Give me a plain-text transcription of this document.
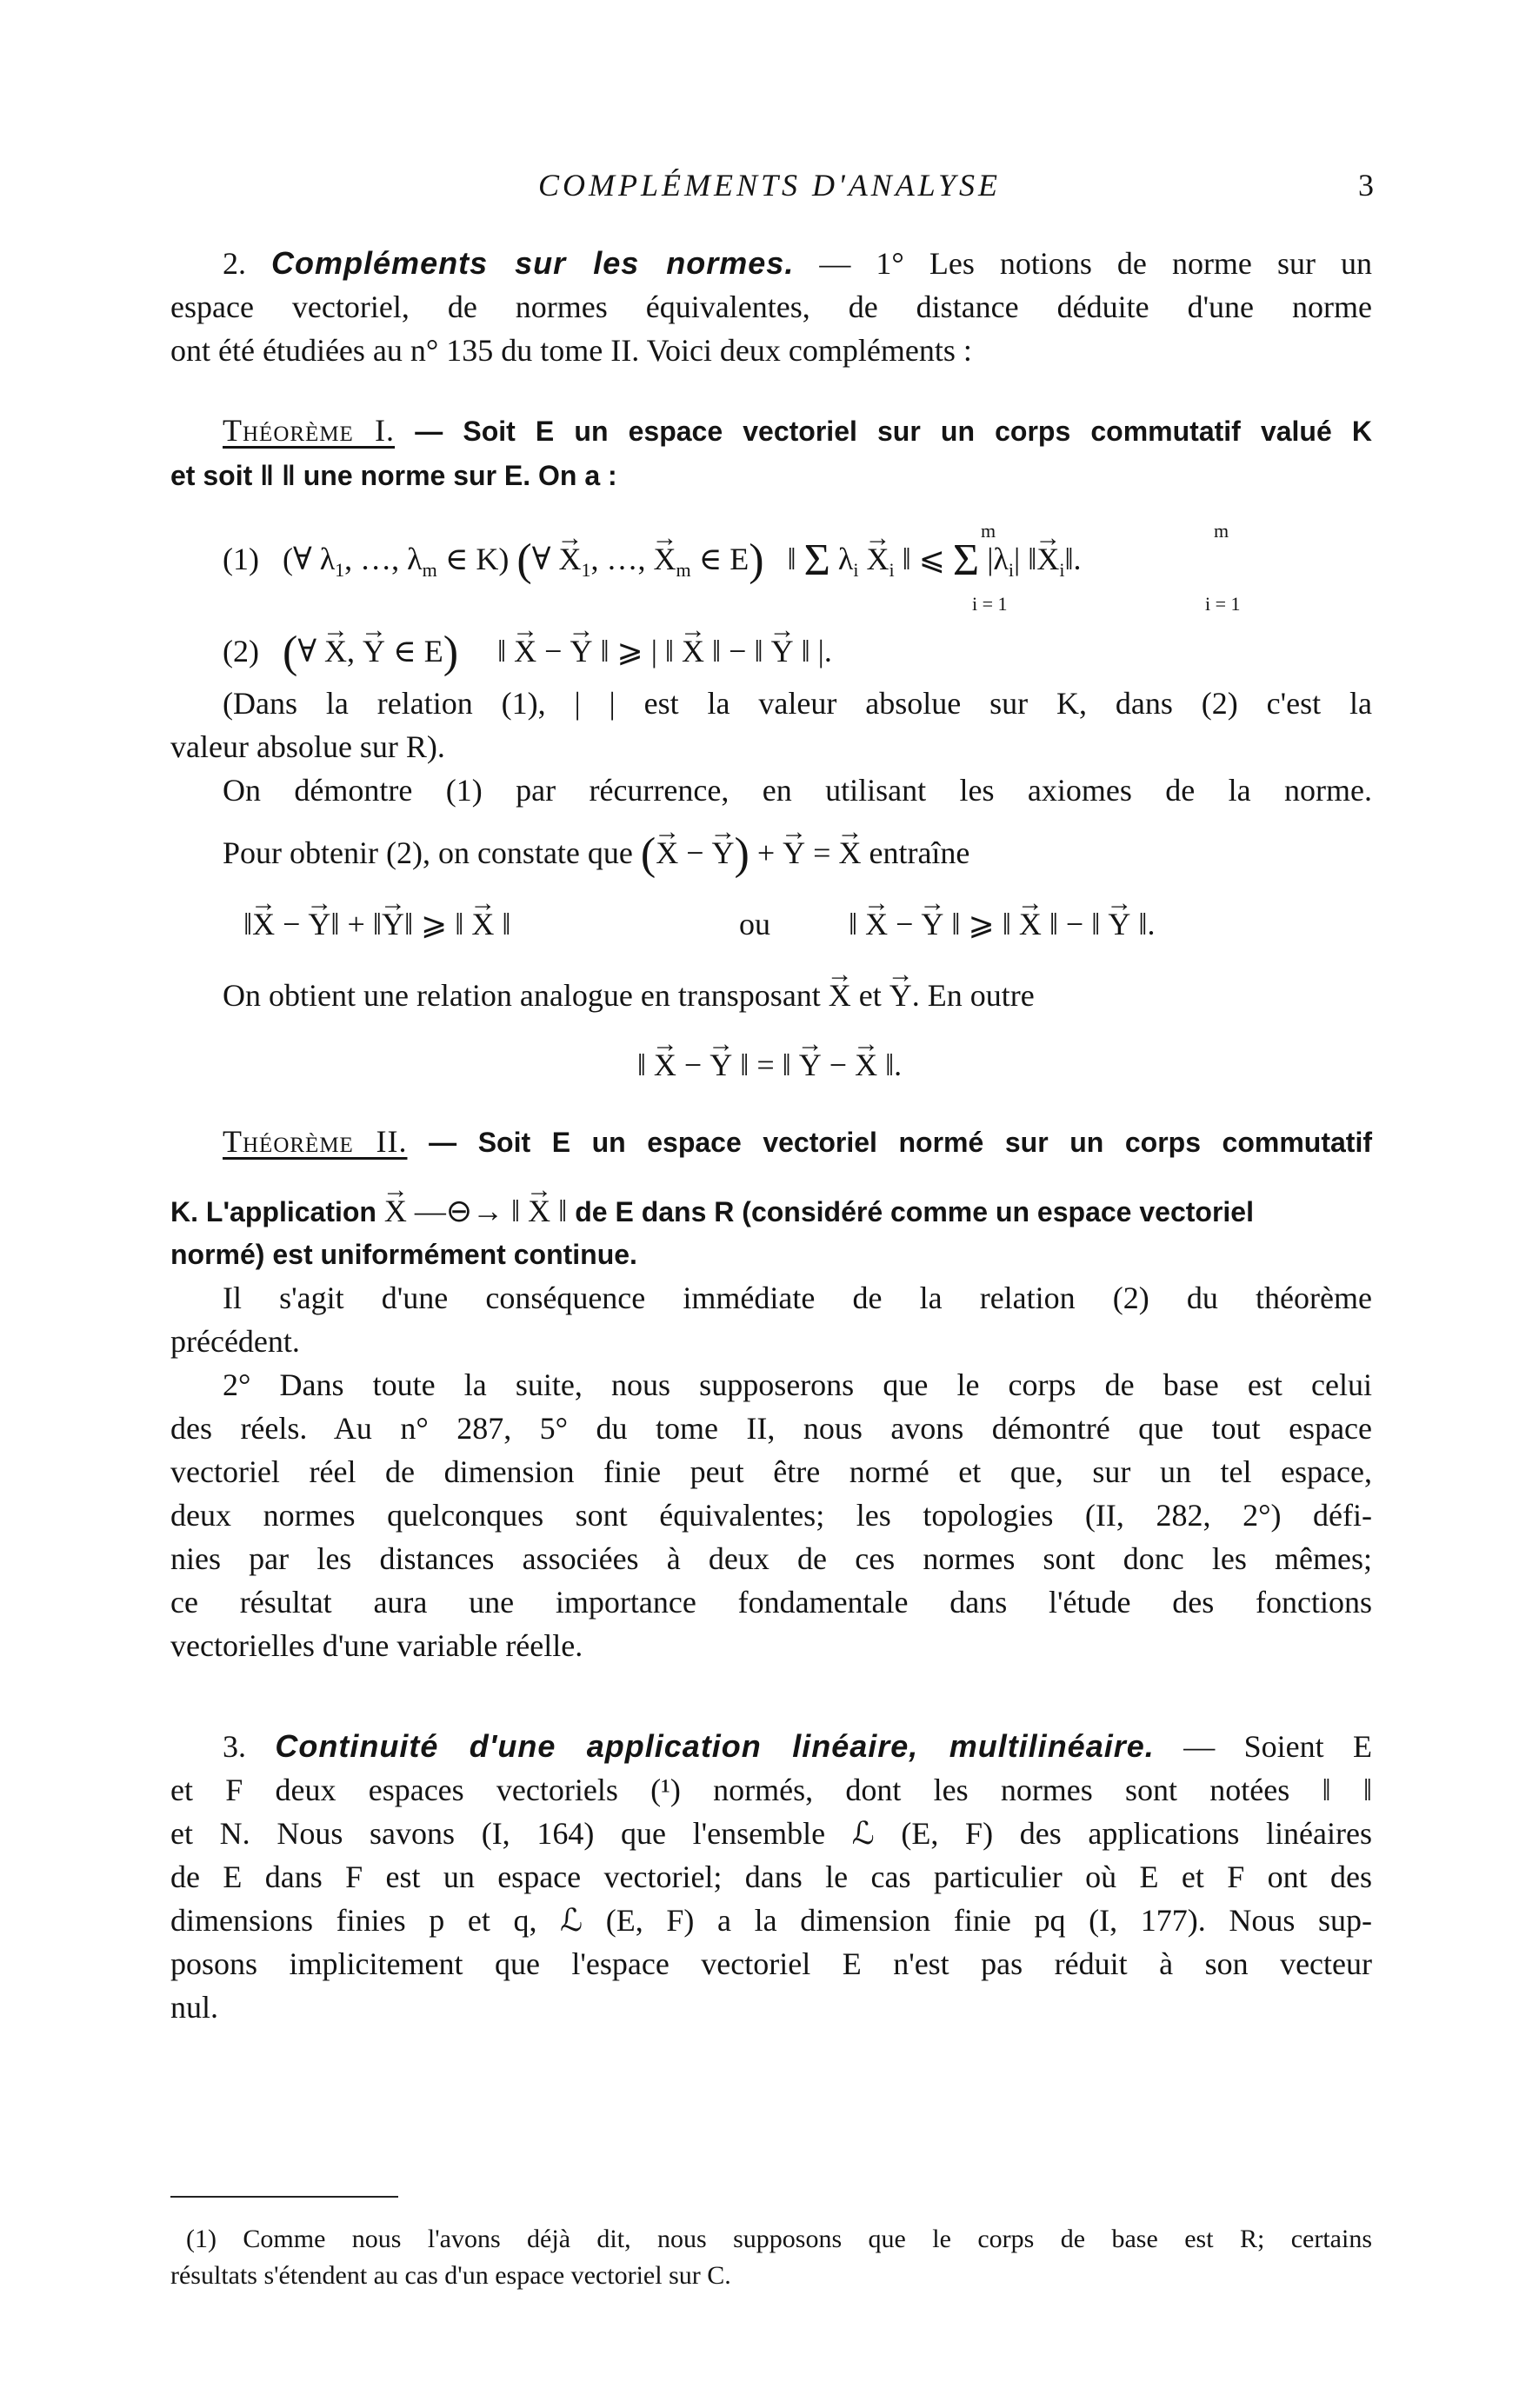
COMPLÉMENTS D'ANALYSE	3
2. Compléments sur les normes. — 1° Les notions de norme sur un
espace vectoriel, de normes équivalentes, de distance déduite d'une norme
ont été étudiées au n° 135 du tome II. Voici deux compléments :
Théorème I. — Soit E un espace vectoriel sur un corps commutatif valué K
et soit ‖ ‖ une norme sur E. On a :
(1)   (∀ $\lambda_1$, …, $\lambda_m$ ∈ K) (∀ → $X_1$, …, → $X_m$ ∈ E)   ‖ Σ $\lambda_i \to X_i$ ‖ ⩽ Σ $|\lambda_i|$ ‖→ $X_i‖$.
m
i = 1
m
i = 1
(2) (∀ → X, → Y ∈ E)     ‖ → X − → Y ‖ ⩾ | ‖ → X ‖ − ‖ → Y ‖ |.
(Dans la relation (1), | | est la valeur absolue sur K, dans (2) c'est la
valeur absolue sur R).
On démontre (1) par récurrence, en utilisant les axiomes de la norme.
Pour obtenir (2), on constate que (→ X − → Y) + → Y = → X entraîne
‖→ X − → Y‖ + ‖→ Y‖ ⩾ ‖ → X ‖	ou	‖ → X − → Y ‖ ⩾ ‖ → X ‖ − ‖ → Y ‖.
On obtient une relation analogue en transposant → X et → Y. En outre
‖ → X − → Y ‖ = ‖ → Y − → X ‖.
Théorème II. — Soit E un espace vectoriel normé sur un corps commutatif
K. L'application → X —⊖→ ‖ → X ‖ de E dans R (considéré comme un espace vectoriel
normé) est uniformément continue.
Il s'agit d'une conséquence immédiate de la relation (2) du théorème
précédent.
2° Dans toute la suite, nous supposerons que le corps de base est celui
des réels. Au n° 287, 5° du tome II, nous avons démontré que tout espace
vectoriel réel de dimension finie peut être normé et que, sur un tel espace,
deux normes quelconques sont équivalentes; les topologies (II, 282, 2°) défi-
nies par les distances associées à deux de ces normes sont donc les mêmes;
ce résultat aura une importance fondamentale dans l'étude des fonctions
vectorielles d'une variable réelle.
3. Continuité d'une application linéaire, multilinéaire. — Soient E
et F deux espaces vectoriels (¹) normés, dont les normes sont notées ‖ ‖
et N. Nous savons (I, 164) que l'ensemble ℒ (E, F) des applications linéaires
de E dans F est un espace vectoriel; dans le cas particulier où E et F ont des
dimensions finies p et q, ℒ (E, F) a la dimension finie pq (I, 177). Nous sup-
posons implicitement que l'espace vectoriel E n'est pas réduit à son vecteur
nul.
(1) Comme nous l'avons déjà dit, nous supposons que le corps de base est R; certains
résultats s'étendent au cas d'un espace vectoriel sur C.
